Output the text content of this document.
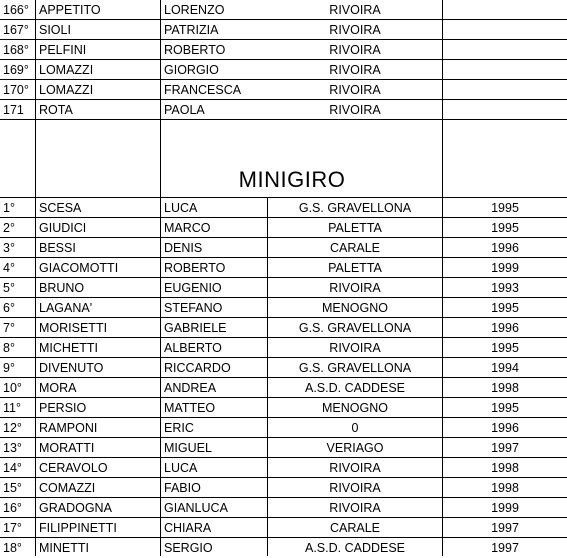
166° APPETITO	LORENZO	RIVOIRA
167° SIOLI	PATRIZIA	RIVOIRA
168° PELFINI	ROBERTO	RIVOIRA
169° LOMAZZI	GIORGIO	RIVOIRA
170° LOMAZZI	FRANCESCA	RIVOIRA
171	ROTA	PAOLA	RIVOIRA
MINIGIRO
1°	SCESA	LUCA	G.S. GRAVELLONA	1995
2°	GIUDICI	MARCO	PALETTA	1995
3°	BESSI	DENIS	CARALE	1996
4°	GIACOMOTTI	ROBERTO	PALETTA	1999
5°	BRUNO	EUGENIO	RIVOIRA	1993
6°	LAGANA'	STEFANO	MENOGNO	1995
7°	MORISETTI	GABRIELE	G.S. GRAVELLONA	1996
8°	MICHETTI	ALBERTO	RIVOIRA	1995
9°	DIVENUTO	RICCARDO	G.S. GRAVELLONA	1994
10°	MORA	ANDREA	A.S.D. CADDESE	1998
11°	PERSIO	MATTEO	MENOGNO	1995
12°	RAMPONI	ERIC	0	1996
13°	MORATTI	MIGUEL	VERIAGO	1997
14°	CERAVOLO	LUCA	RIVOIRA	1998
15°	COMAZZI	FABIO	RIVOIRA	1998
16°	GRADOGNA	GIANLUCA	RIVOIRA	1999
17°	FILIPPINETTI	CHIARA	CARALE	1997
18°	MINETTI	SERGIO	A.S.D. CADDESE	1997
